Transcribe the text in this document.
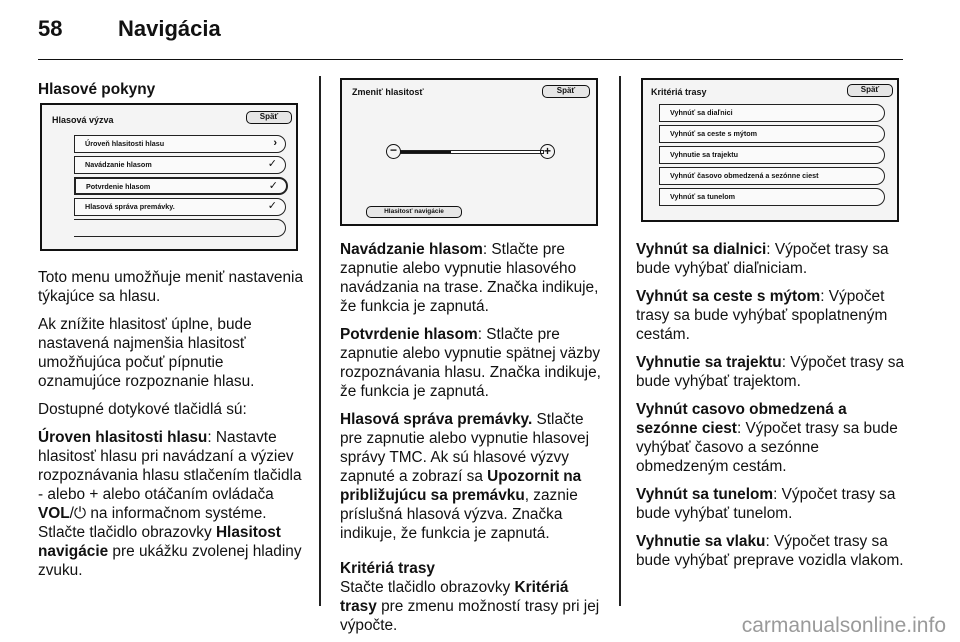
58	Navigácia
Hlasové pokyny
Hlasová výzva	Späť
Úroveň hlasitosti hlasu	›
Navádzanie hlasom	✓
Potvrdenie hlasom	✓
Hlasová správa premávky.	✓

Toto menu umožňuje meniť nastavenia týkajúce sa hlasu.

Ak znížite hlasitosť úplne, bude nastavená najmenšia hlasitosť umožňujúca počuť pípnutie oznamujúce rozpoznanie hlasu.

Dostupné dotykové tlačidlá sú:

Úroven hlasitosti hlasu: Nastavte hlasitosť hlasu pri navádzaní a výziev rozpoznávania hlasu stlačením tlačidla - alebo + alebo otáčaním ovládača VOL/⏻ na informačnom systéme. Stlačte tlačidlo obrazovky Hlasitost navigácie pre ukážku zvolenej hladiny zvuku.

Zmeniť hlasitosť	Späť
−	+
Hlasitosť navigácie

Navádzanie hlasom: Stlačte pre zapnutie alebo vypnutie hlasového navádzania na trase. Značka indikuje, že funkcia je zapnutá.

Potvrdenie hlasom: Stlačte pre zapnutie alebo vypnutie spätnej väzby rozpoznávania hlasu. Značka indikuje, že funkcia je zapnutá.

Hlasová správa premávky. Stlačte pre zapnutie alebo vypnutie hlasovej správy TMC. Ak sú hlasové výzvy zapnuté a zobrazí sa Upozornit na približujúcu sa premávku, zaznie príslušná hlasová výzva. Značka indikuje, že funkcia je zapnutá.

Kritériá trasy

Stačte tlačidlo obrazovky Kritériá trasy pre zmenu možností trasy pri jej výpočte.

Kritériá trasy	Späť
Vyhnúť sa diaľnici
Vyhnúť sa ceste s mýtom
Vyhnutie sa trajektu
Vyhnúť časovo obmedzená a sezónne ciest
Vyhnúť sa tunelom

Vyhnút sa dialnici: Výpočet trasy sa bude vyhýbať diaľniciam.

Vyhnút sa ceste s mýtom: Výpočet trasy sa bude vyhýbať spoplatneným cestám.

Vyhnutie sa trajektu: Výpočet trasy sa bude vyhýbať trajektom.

Vyhnút casovo obmedzená a sezónne ciest: Výpočet trasy sa bude vyhýbať časovo a sezónne obmedzeným cestám.

Vyhnút sa tunelom: Výpočet trasy sa bude vyhýbať tunelom.

Vyhnutie sa vlaku: Výpočet trasy sa bude vyhýbať preprave vozidla vlakom.

carmanualsonline.info
